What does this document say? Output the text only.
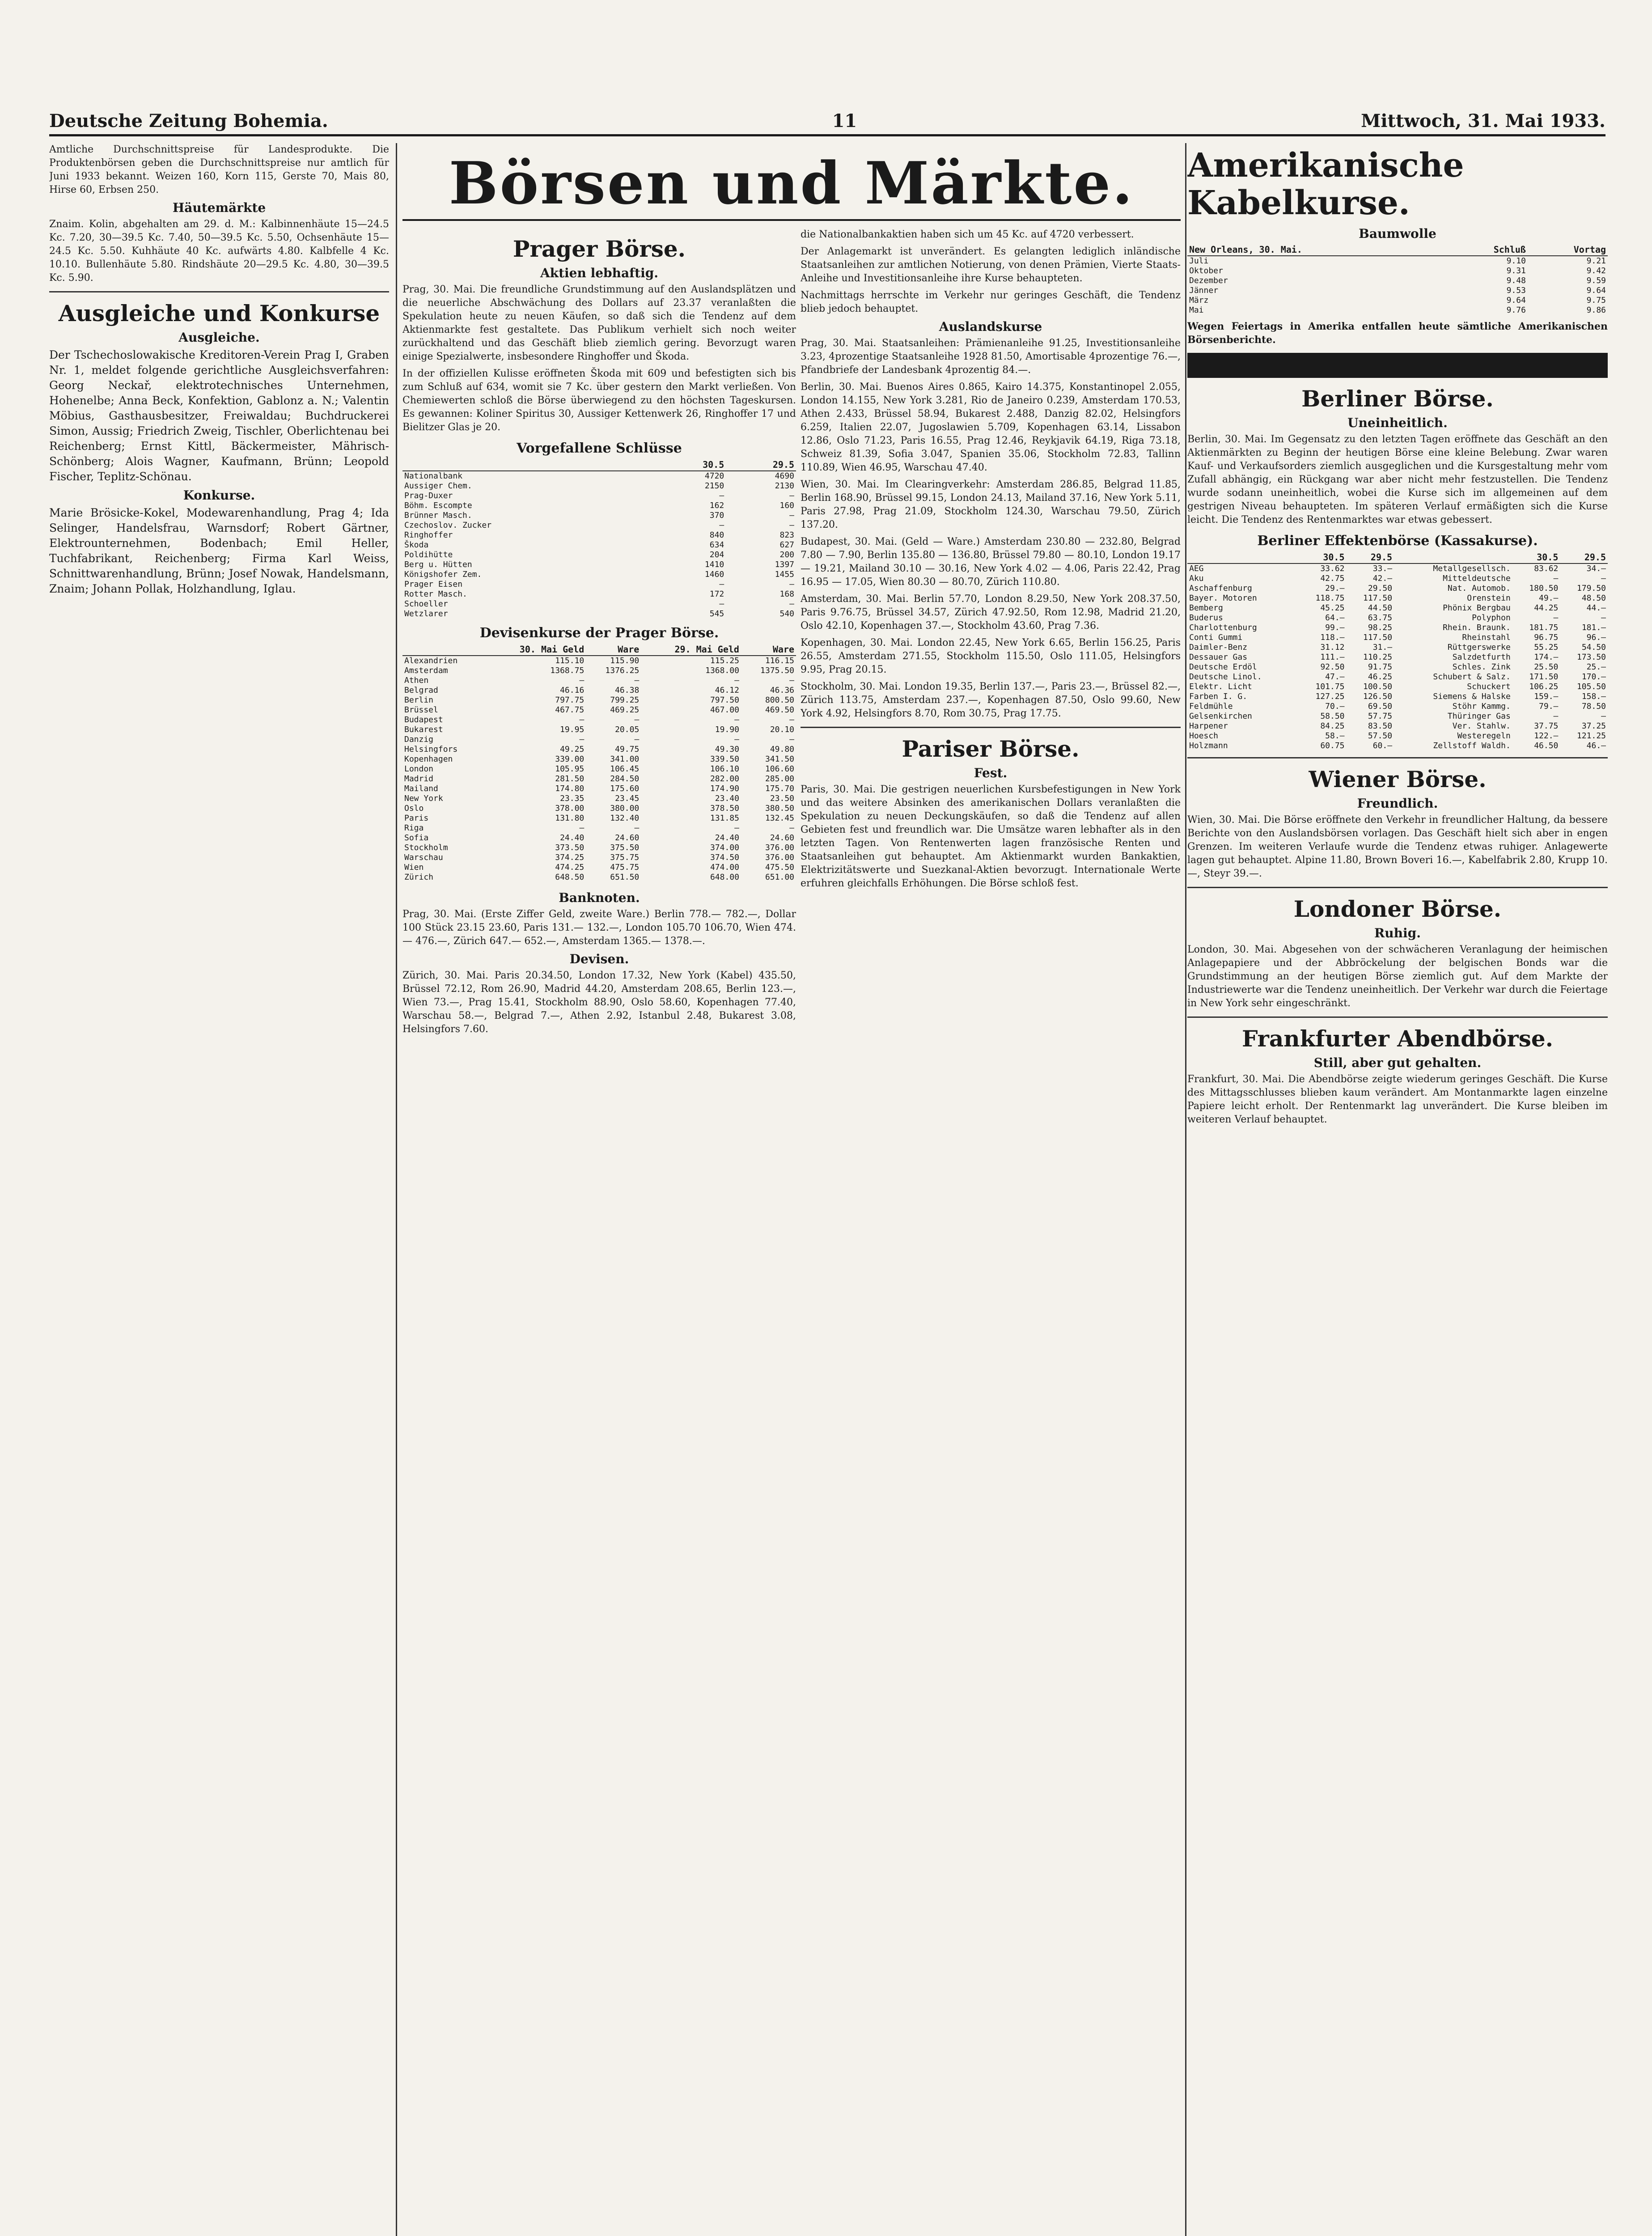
Deutsche Zeitung Bohemia.	11	Mittwoch, 31. Mai 1933.
Börsen und Märkte.

Amtliche Durchschnittspreise für Landesprodukte. Die Produktenbörsen geben die Durchschnittspreise nur amtlich für Juni 1933 bekannt. Weizen 160, Korn 115, Gerste 70, Mais 80, Hirse 60, Erbsen 250.

Häutemärkte

Znaim. Kolin, abgehalten am 29. d. M.: Kalbinnenhäute 15—24.5 Kc. 7.20, 30—39.5 Kc. 7.40, 50—39.5 Kc. 5.50, Ochsenhäute 15—24.5 Kc. 5.50. Kuhhäute 40 Kc. aufwärts 4.80. Kalbfelle 4 Kc. 10.10. Bullenhäute 5.80. Rindshäute 20—29.5 Kc. 4.80, 30—39.5 Kc. 5.90.

Ausgleiche und Konkurse
Ausgleiche.

Der Tschechoslowakische Kreditoren-Verein Prag I, Graben Nr. 1, meldet folgende gerichtliche Ausgleichsverfahren: Georg Neckař, elektrotechnisches Unternehmen, Hohenelbe; Anna Beck, Konfektion, Gablonz a. N.; Valentin Möbius, Gasthausbesitzer, Freiwaldau; Buchdruckerei Simon, Aussig; Friedrich Zweig, Tischler, Oberlichtenau bei Reichenberg; Ernst Kittl, Bäckermeister, Mährisch-Schönberg; Alois Wagner, Kaufmann, Brünn; Leopold Fischer, Teplitz-Schönau.

Konkurse.

Marie Brösicke-Kokel, Modewarenhandlung, Prag 4; Ida Selinger, Handelsfrau, Warnsdorf; Robert Gärtner, Elektrounternehmen, Bodenbach; Emil Heller, Tuchfabrikant, Reichenberg; Firma Karl Weiss, Schnittwarenhandlung, Brünn; Josef Nowak, Handelsmann, Znaim; Johann Pollak, Holzhandlung, Iglau.

Prager Börse.
Aktien lebhaftig.

Prag, 30. Mai. Die freundliche Grundstimmung auf den Auslandsplätzen und die neuerliche Abschwächung des Dollars auf 23.37 veranlaßten die Spekulation heute zu neuen Käufen, so daß sich die Tendenz auf dem Aktienmarkte fest gestaltete. Das Publikum verhielt sich noch weiter zurückhaltend und das Geschäft blieb ziemlich gering. Bevorzugt waren einige Spezialwerte, insbesondere Ringhoffer und Škoda.

In der offiziellen Kulisse eröffneten Škoda mit 609 und befestigten sich bis zum Schluß auf 634, womit sie 7 Kc. über gestern den Markt verließen. Von Chemiewerten schloß die Börse überwiegend zu den höchsten Tageskursen. Es gewannen: Koliner Spiritus 30, Aussiger Kettenwerk 26, Ringhoffer 17 und Bielitzer Glas je 20.

Vorgefallene Schlüsse
	30.5	29.5
Nationalbank	4720	4690
Aussiger Chem.	2150	2130
Prag-Duxer	—	—
Böhm. Escompte	162	160
Brünner Masch.	370	—
Czechoslov. Zucker	—	—
Ringhoffer	840	823
Škoda	634	627
Poldihütte	204	200
Berg u. Hütten	1410	1397
Königshofer Zem.	1460	1455
Prager Eisen	—	—
Rotter Masch.	172	168
Schoeller	—	—
Wetzlarer	545	540
Devisenkurse der Prager Börse.
	30. Mai Geld	Ware	29. Mai Geld	Ware
Alexandrien	115.10	115.90	115.25	116.15
Amsterdam	1368.75	1376.25	1368.00	1375.50
Athen	—	—	—	—
Belgrad	46.16	46.38	46.12	46.36
Berlin	797.75	799.25	797.50	800.50
Brüssel	467.75	469.25	467.00	469.50
Budapest	—	—	—	—
Bukarest	19.95	20.05	19.90	20.10
Danzig	—	—	—	—
Helsingfors	49.25	49.75	49.30	49.80
Kopenhagen	339.00	341.00	339.50	341.50
London	105.95	106.45	106.10	106.60
Madrid	281.50	284.50	282.00	285.00
Mailand	174.80	175.60	174.90	175.70
New York	23.35	23.45	23.40	23.50
Oslo	378.00	380.00	378.50	380.50
Paris	131.80	132.40	131.85	132.45
Riga	—	—	—	—
Sofia	24.40	24.60	24.40	24.60
Stockholm	373.50	375.50	374.00	376.00
Warschau	374.25	375.75	374.50	376.00
Wien	474.25	475.75	474.00	475.50
Zürich	648.50	651.50	648.00	651.00
Banknoten.

Prag, 30. Mai. (Erste Ziffer Geld, zweite Ware.) Berlin 778.— 782.—, Dollar 100 Stück 23.15 23.60, Paris 131.— 132.—, London 105.70 106.70, Wien 474.— 476.—, Zürich 647.— 652.—, Amsterdam 1365.— 1378.—.

Devisen.

Zürich, 30. Mai. Paris 20.34.50, London 17.32, New York (Kabel) 435.50, Brüssel 72.12, Rom 26.90, Madrid 44.20, Amsterdam 208.65, Berlin 123.—, Wien 73.—, Prag 15.41, Stockholm 88.90, Oslo 58.60, Kopenhagen 77.40, Warschau 58.—, Belgrad 7.—, Athen 2.92, Istanbul 2.48, Bukarest 3.08, Helsingfors 7.60.

die Nationalbankaktien haben sich um 45 Kc. auf 4720 verbessert.

Der Anlagemarkt ist unverändert. Es gelangten lediglich inländische Staatsanleihen zur amtlichen Notierung, von denen Prämien, Vierte Staats-Anleihe und Investitionsanleihe ihre Kurse behaupteten.

Nachmittags herrschte im Verkehr nur geringes Geschäft, die Tendenz blieb jedoch behauptet.

Auslandskurse

Prag, 30. Mai. Staatsanleihen: Prämienanleihe 91.25, Investitionsanleihe 3.23, 4prozentige Staatsanleihe 1928 81.50, Amortisable 4prozentige 76.—, Pfandbriefe der Landesbank 4prozentig 84.—.

Berlin, 30. Mai. Buenos Aires 0.865, Kairo 14.375, Konstantinopel 2.055, London 14.155, New York 3.281, Rio de Janeiro 0.239, Amsterdam 170.53, Athen 2.433, Brüssel 58.94, Bukarest 2.488, Danzig 82.02, Helsingfors 6.259, Italien 22.07, Jugoslawien 5.709, Kopenhagen 63.14, Lissabon 12.86, Oslo 71.23, Paris 16.55, Prag 12.46, Reykjavik 64.19, Riga 73.18, Schweiz 81.39, Sofia 3.047, Spanien 35.06, Stockholm 72.83, Tallinn 110.89, Wien 46.95, Warschau 47.40.

Wien, 30. Mai. Im Clearingverkehr: Amsterdam 286.85, Belgrad 11.85, Berlin 168.90, Brüssel 99.15, London 24.13, Mailand 37.16, New York 5.11, Paris 27.98, Prag 21.09, Stockholm 124.30, Warschau 79.50, Zürich 137.20.

Budapest, 30. Mai. (Geld — Ware.) Amsterdam 230.80 — 232.80, Belgrad 7.80 — 7.90, Berlin 135.80 — 136.80, Brüssel 79.80 — 80.10, London 19.17 — 19.21, Mailand 30.10 — 30.16, New York 4.02 — 4.06, Paris 22.42, Prag 16.95 — 17.05, Wien 80.30 — 80.70, Zürich 110.80.

Amsterdam, 30. Mai. Berlin 57.70, London 8.29.50, New York 208.37.50, Paris 9.76.75, Brüssel 34.57, Zürich 47.92.50, Rom 12.98, Madrid 21.20, Oslo 42.10, Kopenhagen 37.—, Stockholm 43.60, Prag 7.36.

Kopenhagen, 30. Mai. London 22.45, New York 6.65, Berlin 156.25, Paris 26.55, Amsterdam 271.55, Stockholm 115.50, Oslo 111.05, Helsingfors 9.95, Prag 20.15.

Stockholm, 30. Mai. London 19.35, Berlin 137.—, Paris 23.—, Brüssel 82.—, Zürich 113.75, Amsterdam 237.—, Kopenhagen 87.50, Oslo 99.60, New York 4.92, Helsingfors 8.70, Rom 30.75, Prag 17.75.

Pariser Börse.
Fest.

Paris, 30. Mai. Die gestrigen neuerlichen Kursbefestigungen in New York und das weitere Absinken des amerikanischen Dollars veranlaßten die Spekulation zu neuen Deckungskäufen, so daß die Tendenz auf allen Gebieten fest und freundlich war. Die Umsätze waren lebhafter als in den letzten Tagen. Von Rentenwerten lagen französische Renten und Staatsanleihen gut behauptet. Am Aktienmarkt wurden Bankaktien, Elektrizitätswerte und Suezkanal-Aktien bevorzugt. Internationale Werte erfuhren gleichfalls Erhöhungen. Die Börse schloß fest.

Amerikanische Kabelkurse.
Baumwolle
New Orleans, 30. Mai.	Schluß	Vortag
Juli	9.10	9.21
Oktober	9.31	9.42
Dezember	9.48	9.59
Jänner	9.53	9.64
März	9.64	9.75
Mai	9.76	9.86

Wegen Feiertags in Amerika entfallen heute sämtliche Amerikanischen Börsenberichte.

Berliner Börse.
Uneinheitlich.

Berlin, 30. Mai. Im Gegensatz zu den letzten Tagen eröffnete das Geschäft an den Aktienmärkten zu Beginn der heutigen Börse eine kleine Belebung. Zwar waren Kauf- und Verkaufsorders ziemlich ausgeglichen und die Kursgestaltung mehr vom Zufall abhängig, ein Rückgang war aber nicht mehr festzustellen. Die Tendenz wurde sodann uneinheitlich, wobei die Kurse sich im allgemeinen auf dem gestrigen Niveau behaupteten. Im späteren Verlauf ermäßigten sich die Kurse leicht. Die Tendenz des Rentenmarktes war etwas gebessert.

Berliner Effektenbörse (Kassakurse).
	30.5	29.5		30.5	29.5
AEG	33.62	33.—	Metallgesellsch.	83.62	34.—
Aku	42.75	42.—	Mitteldeutsche	—	—
Aschaffenburg	29.—	29.50	Nat. Automob.	180.50	179.50
Bayer. Motoren	118.75	117.50	Orenstein	49.—	48.50
Bemberg	45.25	44.50	Phönix Bergbau	44.25	44.—
Buderus	64.—	63.75	Polyphon	—	—
Charlottenburg	99.—	98.25	Rhein. Braunk.	181.75	181.—
Conti Gummi	118.—	117.50	Rheinstahl	96.75	96.—
Daimler-Benz	31.12	31.—	Rüttgerswerke	55.25	54.50
Dessauer Gas	111.—	110.25	Salzdetfurth	174.—	173.50
Deutsche Erdöl	92.50	91.75	Schles. Zink	25.50	25.—
Deutsche Linol.	47.—	46.25	Schubert & Salz.	171.50	170.—
Elektr. Licht	101.75	100.50	Schuckert	106.25	105.50
Farben I. G.	127.25	126.50	Siemens & Halske	159.—	158.—
Feldmühle	70.—	69.50	Stöhr Kammg.	79.—	78.50
Gelsenkirchen	58.50	57.75	Thüringer Gas	—	—
Harpener	84.25	83.50	Ver. Stahlw.	37.75	37.25
Hoesch	58.—	57.50	Westeregeln	122.—	121.25
Holzmann	60.75	60.—	Zellstoff Waldh.	46.50	46.—
Wiener Börse.
Freundlich.

Wien, 30. Mai. Die Börse eröffnete den Verkehr in freundlicher Haltung, da bessere Berichte von den Auslandsbörsen vorlagen. Das Geschäft hielt sich aber in engen Grenzen. Im weiteren Verlaufe wurde die Tendenz etwas ruhiger. Anlagewerte lagen gut behauptet. Alpine 11.80, Brown Boveri 16.—, Kabelfabrik 2.80, Krupp 10.—, Steyr 39.—.

Londoner Börse.
Ruhig.

London, 30. Mai. Abgesehen von der schwächeren Veranlagung der heimischen Anlagepapiere und der Abbröckelung der belgischen Bonds war die Grundstimmung an der heutigen Börse ziemlich gut. Auf dem Markte der Industriewerte war die Tendenz uneinheitlich. Der Verkehr war durch die Feiertage in New York sehr eingeschränkt.

Frankfurter Abendbörse.
Still, aber gut gehalten.

Frankfurt, 30. Mai. Die Abendbörse zeigte wiederum geringes Geschäft. Die Kurse des Mittagsschlusses blieben kaum verändert. Am Montanmarkte lagen einzelne Papiere leicht erholt. Der Rentenmarkt lag unverändert. Die Kurse bleiben im weiteren Verlauf behauptet.
